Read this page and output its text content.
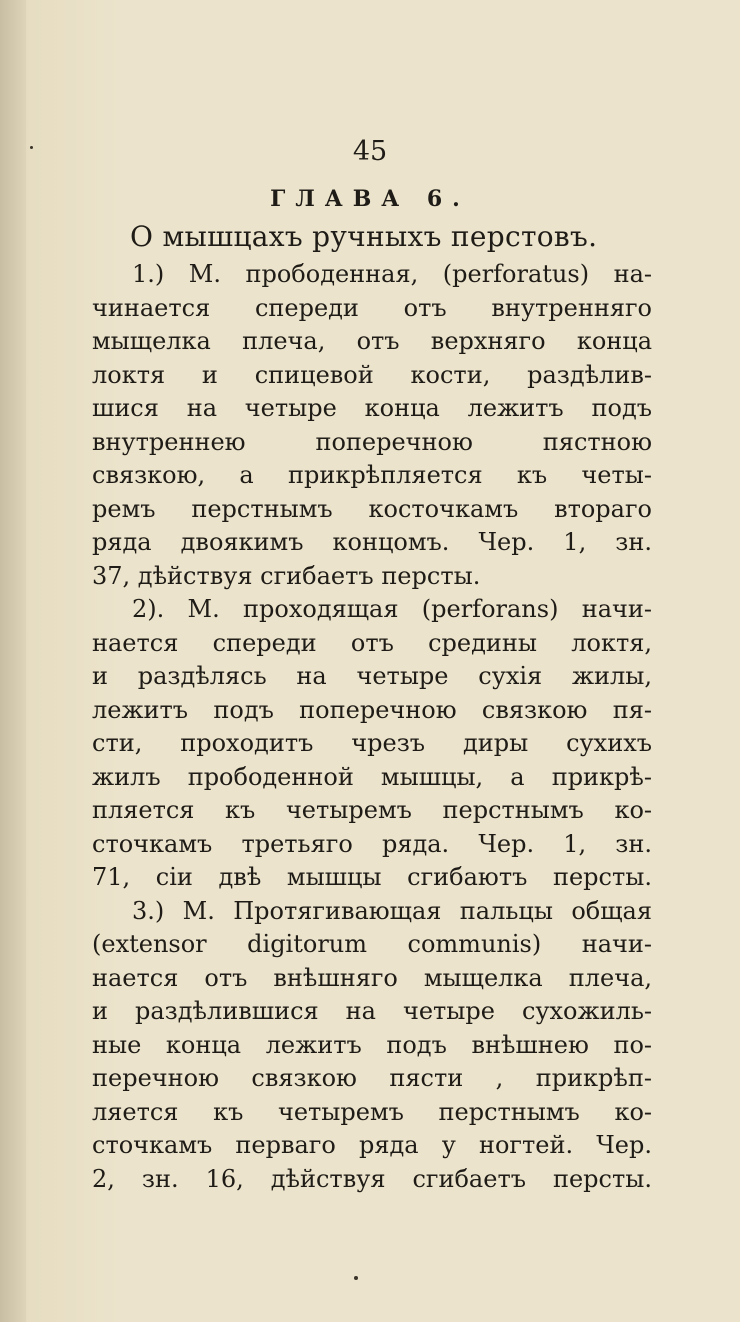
45
ГЛАВА 6.
О мышцахъ ручныхъ перстовъ.
1.) М. прободенная, (perforatus) на-
чинается спереди отъ внутренняго
мыщелка плеча, отъ верхняго конца
локтя и спицевой кости, раздѣлив-
шися на четыре конца лежитъ подъ
внутреннею поперечною пястною
связкою, а прикрѣпляется къ четы-
ремъ перстнымъ косточкамъ втораго
ряда двоякимъ концомъ. Чер. 1, зн.
37, дѣйствуя сгибаетъ персты.
2). М. проходящая (perforans) начи-
нается спереди отъ средины локтя,
и раздѣлясь на четыре сухія жилы,
лежитъ подъ поперечною связкою пя-
сти, проходитъ чрезъ диры сухихъ
жилъ прободенной мышцы, а прикрѣ-
пляется къ четыремъ перстнымъ ко-
сточкамъ третьяго ряда. Чер. 1, зн.
71, сіи двѣ мышцы сгибаютъ персты.
3.) М. Протягивающая пальцы общая
(extensor digitorum communis) начи-
нается отъ внѣшняго мыщелка плеча,
и раздѣлившися на четыре сухожиль-
ные конца лежитъ подъ внѣшнею по-
перечною связкою пясти , прикрѣп-
ляется къ четыремъ перстнымъ ко-
сточкамъ перваго ряда у ногтей. Чер.
2, зн. 16, дѣйствуя сгибаетъ персты.
